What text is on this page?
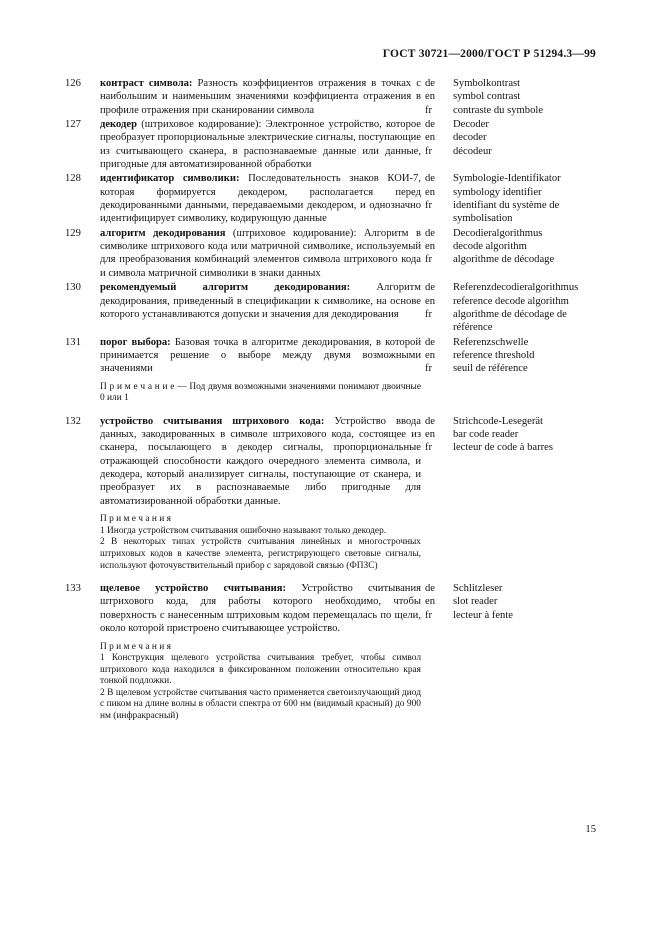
ГОСТ 30721—2000/ГОСТ Р 51294.3—99
126	контраст символа: Разность коэффициентов отражения в точках с наибольшим и наименьшим значениями коэффициента отражения в профиле отражения при сканировании символа
de	Symbolkontrast
en	symbol contrast
fr	contraste du symbole
127	декодер (штриховое кодирование): Электронное устройство, которое преобразует пропорциональные электрические сигналы, поступающие из считывающего сканера, в распознаваемые данные или данные, пригодные для автоматизированной обработки
de	Decoder
en	decoder
fr	décodeur
128	идентификатор символики: Последовательность знаков КОИ-7, которая формируется декодером, располагается перед декодированными данными, передаваемыми декодером, и однозначно идентифицирует символику, кодирующую данные
de	Symbologie-Identifikator
en	symbology identifier
fr	identifiant du système de symbolisation
129	алгоритм декодирования (штриховое кодирование): Алгоритм в символике штрихового кода или матричной символике, используемый для преобразования комбинаций элементов символа штрихового кода и символа матричной символики в знаки данных
de	Decodieralgorithmus
en	decode algorithm
fr	algorithme de décodage
130	рекомендуемый алгоритм декодирования: Алгоритм декодирования, приведенный в спецификации к символике, на основе которого устанавливаются допуски и значения для декодирования
de	Referenzdecodieralgorithmus
en	reference decode algorithm
fr	algorithme de décodage de référence
131	порог выбора: Базовая точка в алгоритме декодирования, в которой принимается решение о выборе между двумя возможными значениями
П р и м е ч а н и е — Под двумя возможными значениями понимают двоичные 0 или 1
de	Referenzschwelle
en	reference threshold
fr	seuil de référence
132	устройство считывания штрихового кода: Устройство ввода данных, закодированных в символе штрихового кода, состоящее из сканера, посылающего в декодер сигналы, пропорциональные отражающей способности каждого очередного элемента символа, и декодера, который анализирует сигналы, поступающие от сканера, и преобразует их в распознаваемые либо пригодные для автоматизированной обработки данные.
П р и м е ч а н и я
1 Иногда устройством считывания ошибочно называют только декодер.
2 В некоторых типах устройств считывания линейных и многострочных штриховых кодов в качестве элемента, регистрирующего световые сигналы, используют фоточувствительный прибор с зарядовой связью (ФПЗС)
de	Strichcode-Lesegerät
en	bar code reader
fr	lecteur de code à barres
133	щелевое устройство считывания: Устройство считывания штрихового кода, для работы которого необходимо, чтобы поверхность с нанесенным штриховым кодом перемещалась по щели, около которой пристроено считывающее устройство.
П р и м е ч а н и я
1 Конструкция щелевого устройства считывания требует, чтобы символ штрихового кода находился в фиксированном положении относительно края тонкой подложки.
2 В щелевом устройстве считывания часто применяется светоизлучающий диод с пиком на длине волны в области спектра от 600 нм (видимый красный) до 900 нм (инфракрасный)
de	Schlitzleser
en	slot reader
fr	lecteur à fente
15
